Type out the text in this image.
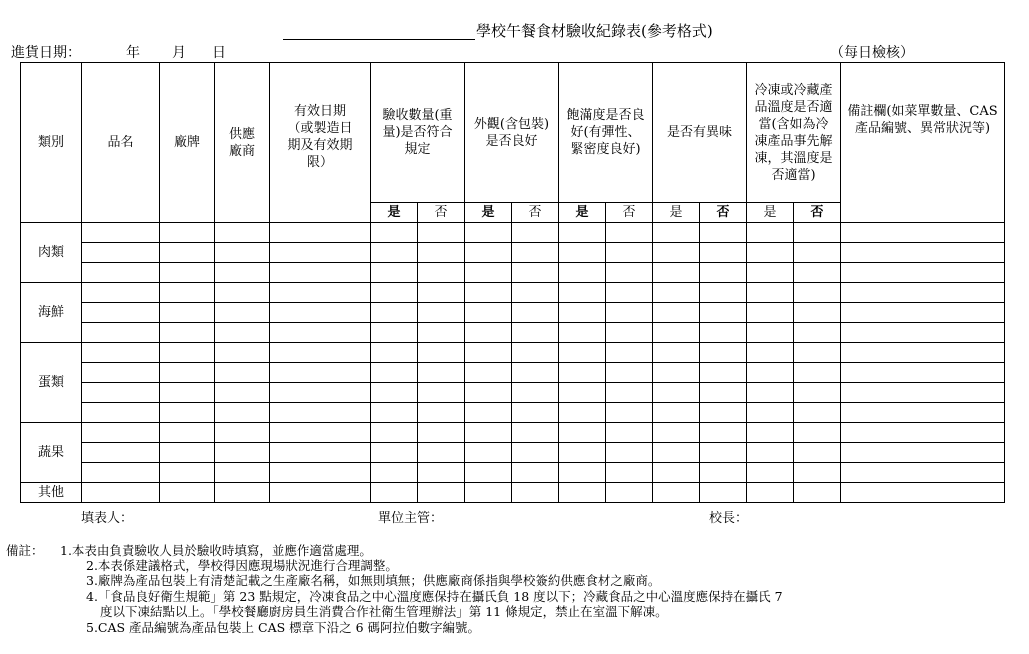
學校午餐食材驗收紀錄表(參考格式)
進貨日期：	年 月 日	（每日檢核）
類別	品名	廠牌	供應廠商	有效日期（或製造日期及有效期限）	驗收數量(重量)是否符合規定		外觀(含包裝)是否良好		飽滿度是否良好(有彈性、緊密度良好)		是否有異味		冷凍或冷藏產品溫度是否適當(含如為冷凍產品事先解凍，其溫度是否適當)		備註欄(如菜單數量、CAS產品編號、異常狀況等)
					是	否	是	否	是	否	是	否	是	否	
肉類															

海鮮															

蛋類															

蔬果															

其他															
填表人：	單位主管：	校長：
備註： 1.本表由負責驗收人員於驗收時填寫，並應作適當處理。
2.本表係建議格式，學校得因應現場狀況進行合理調整。
3.廠牌為產品包裝上有清楚記載之生產廠名稱，如無則填無；供應廠商係指與學校簽約供應食材之廠商。
4.「食品良好衛生規範」第 23 點規定，冷凍食品之中心溫度應保持在攝氏負 18 度以下；冷藏食品之中心溫度應保持在攝氏 7
度以下凍結點以上。「學校餐廳廚房員生消費合作社衛生管理辦法」第 11 條規定，禁止在室溫下解凍。
5.CAS 產品編號為產品包裝上 CAS 標章下沿之 6 碼阿拉伯數字編號。
